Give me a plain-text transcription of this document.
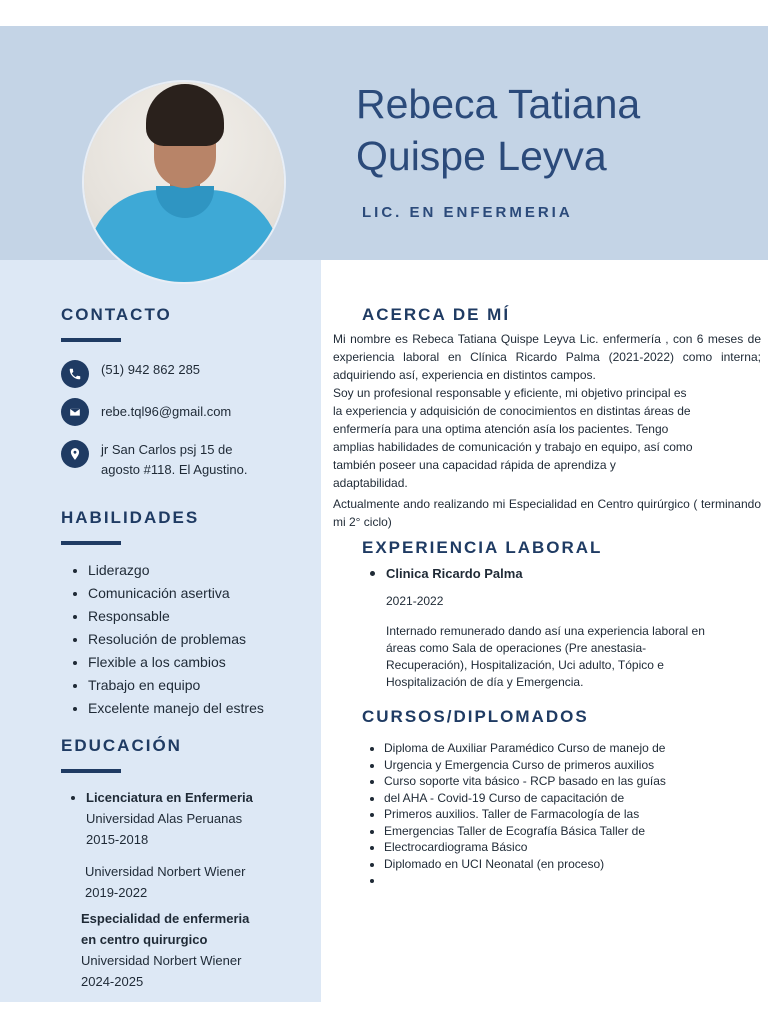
Rebeca Tatiana
Quispe Leyva
LIC. EN ENFERMERIA
CONTACTO
(51) 942 862 285
rebe.tql96@gmail.com
jr San Carlos psj 15 de
agosto #118. El Agustino.
HABILIDADES
• Liderazgo
• Comunicación asertiva
• Responsable
• Resolución de problemas
• Flexible a los cambios
• Trabajo en equipo
• Excelente manejo del estres
EDUCACIÓN
• Licenciatura en Enfermeria
Universidad Alas Peruanas
2015-2018
Universidad Norbert Wiener
2019-2022
Especialidad de enfermeria
en centro quirurgico
Universidad Norbert Wiener
2024-2025
ACERCA DE MÍ

Mi nombre es Rebeca Tatiana Quispe Leyva Lic. enfermería , con 6 meses de experiencia laboral en Clínica Ricardo Palma (2021-2022) como interna; adquiriendo así, experiencia en distintos campos.

Soy un profesional responsable y eficiente, mi objetivo principal es la experiencia y adquisición de conocimientos en distintas áreas de enfermería para una optima atención asía los pacientes. Tengo amplias habilidades de comunicación y trabajo en equipo, así como también poseer una capacidad rápida de aprendiza y adaptabilidad.

Actualmente ando realizando mi Especialidad en Centro quirúrgico ( terminando mi 2° ciclo)

EXPERIENCIA LABORAL
Clinica Ricardo Palma
2021-2022
Internado remunerado dando así una experiencia laboral en áreas como Sala de operaciones (Pre anestasia- Recuperación), Hospitalización, Uci adulto, Tópico e Hospitalización de día y Emergencia.
CURSOS/DIPLOMADOS
• Diploma de Auxiliar Paramédico Curso de manejo de
• Urgencia y Emergencia Curso de primeros auxilios
• Curso soporte vita básico - RCP basado en las guías
• del AHA - Covid-19 Curso de capacitación de
• Primeros auxilios. Taller de Farmacología de las
• Emergencias Taller de Ecografía Básica Taller de
• Electrocardiograma Básico
• Diplomado en UCI Neonatal (en proceso)
•
